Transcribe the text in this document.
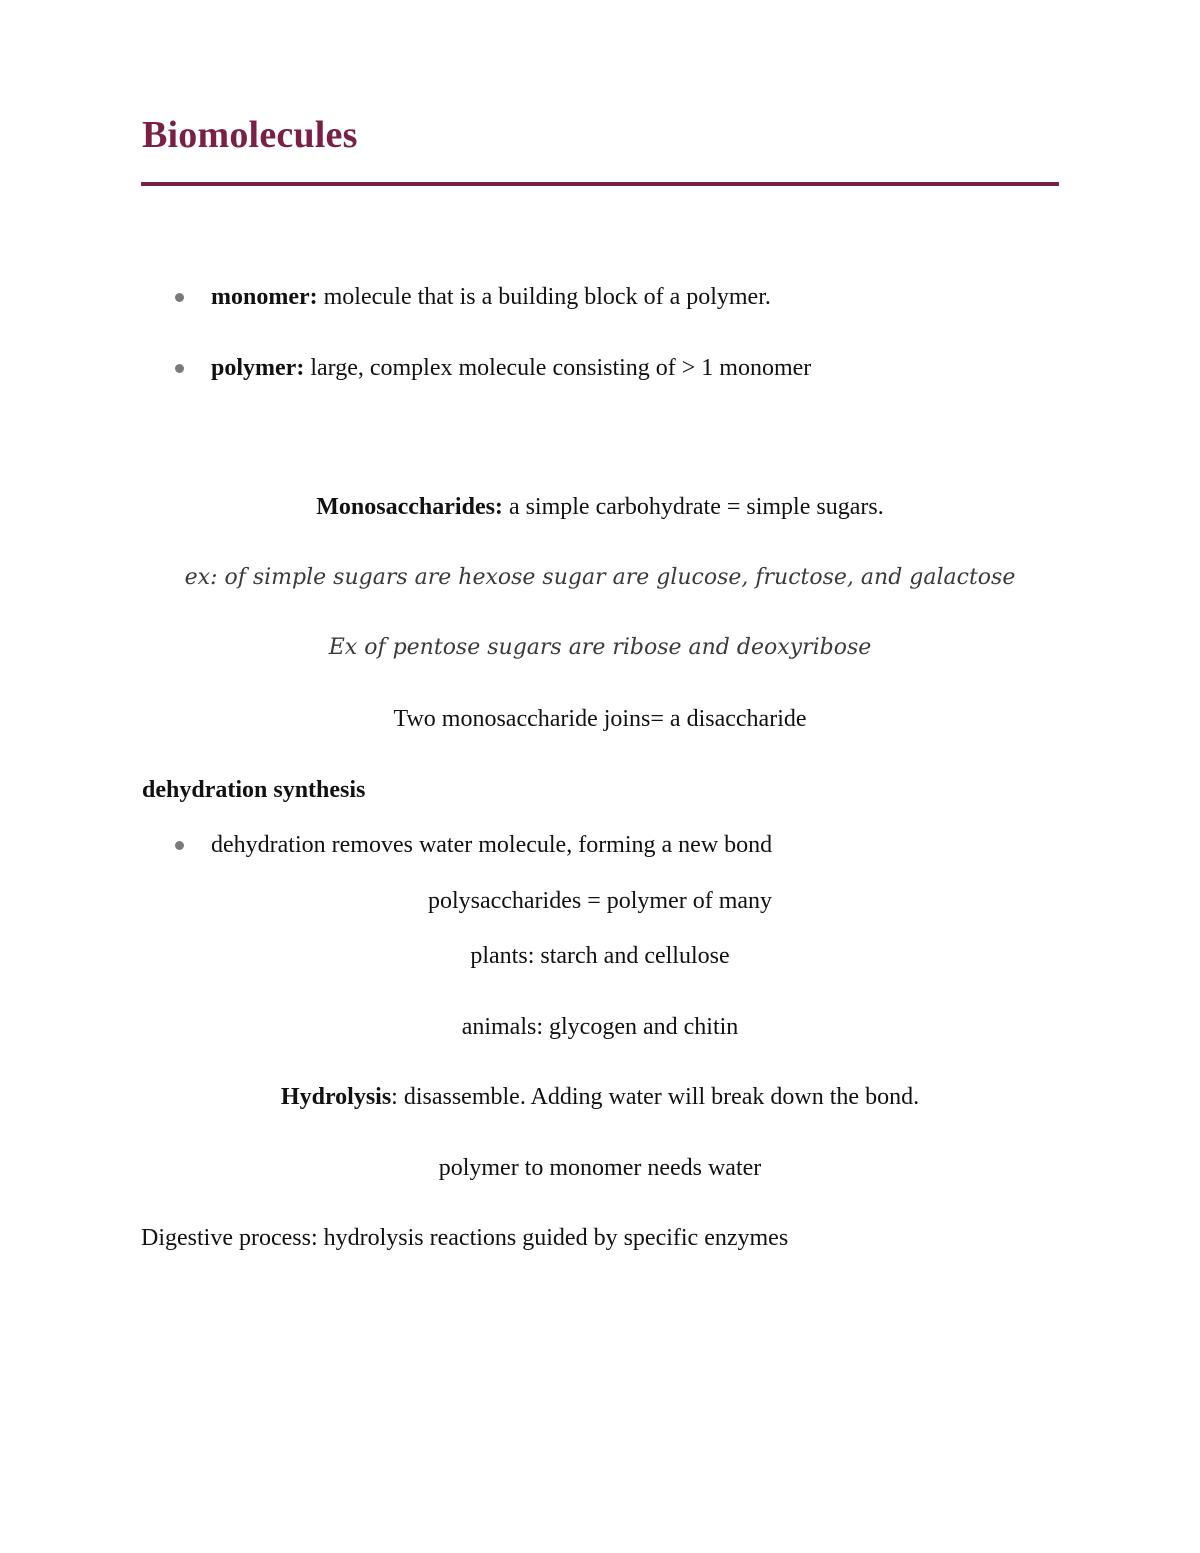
Biomolecules
monomer: molecule that is a building block of a polymer.
polymer: large, complex molecule consisting of > 1 monomer
Monosaccharides: a simple carbohydrate = simple sugars.
ex: of simple sugars are hexose sugar are glucose, fructose, and galactose
Ex of pentose sugars are ribose and deoxyribose
Two monosaccharide joins= a disaccharide
dehydration synthesis
dehydration removes water molecule, forming a new bond
polysaccharides = polymer of many
plants: starch and cellulose
animals: glycogen and chitin
Hydrolysis: disassemble. Adding water will break down the bond.
polymer to monomer needs water
Digestive process: hydrolysis reactions guided by specific enzymes
